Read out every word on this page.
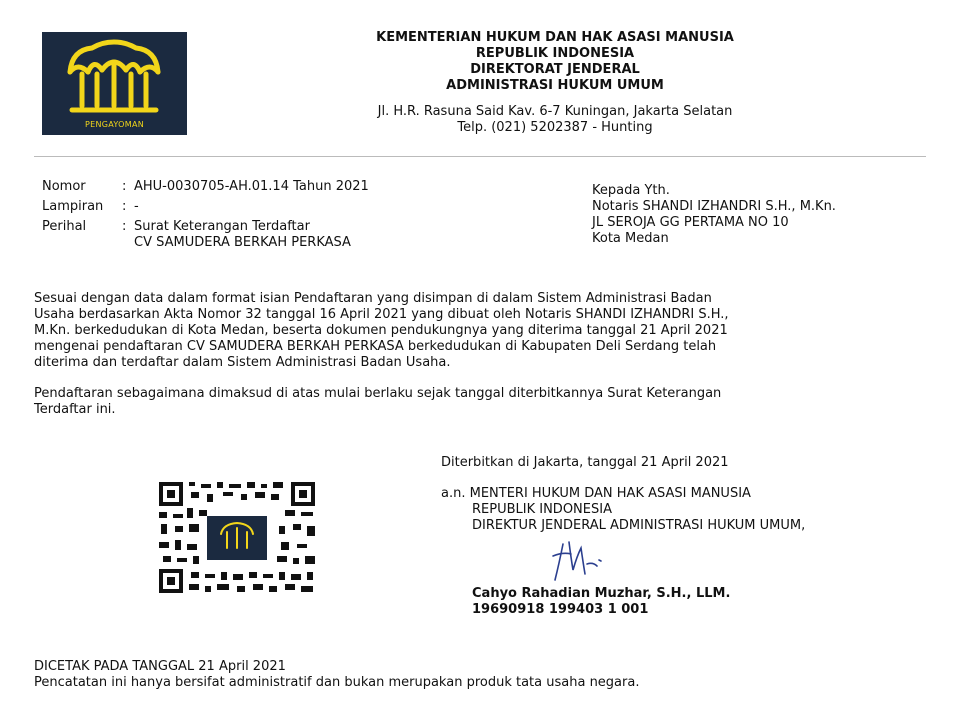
PENGAYOMAN
KEMENTERIAN HUKUM DAN HAK ASASI MANUSIA
REPUBLIK INDONESIA
DIREKTORAT JENDERAL
ADMINISTRASI HUKUM UMUM
Jl. H.R. Rasuna Said Kav. 6-7 Kuningan, Jakarta Selatan
Telp. (021) 5202387 - Hunting
Nomor	: AHU-0030705-AH.01.14 Tahun 2021
Lampiran	: -
Perihal	: Surat Keterangan Terdaftar
CV SAMUDERA BERKAH PERKASA
Kepada Yth.
Notaris SHANDI IZHANDRI S.H., M.Kn.
JL SEROJA GG PERTAMA NO 10
Kota Medan
Sesuai dengan data dalam format isian Pendaftaran yang disimpan di dalam Sistem Administrasi Badan
Usaha berdasarkan Akta Nomor 32 tanggal 16 April 2021 yang dibuat oleh Notaris SHANDI IZHANDRI S.H.,
M.Kn. berkedudukan di Kota Medan, beserta dokumen pendukungnya yang diterima tanggal 21 April 2021
mengenai pendaftaran CV SAMUDERA BERKAH PERKASA berkedudukan di Kabupaten Deli Serdang telah
diterima dan terdaftar dalam Sistem Administrasi Badan Usaha.
Pendaftaran sebagaimana dimaksud di atas mulai berlaku sejak tanggal diterbitkannya Surat Keterangan
Terdaftar ini.
Diterbitkan di Jakarta, tanggal 21 April 2021
a.n. MENTERI HUKUM DAN HAK ASASI MANUSIA
REPUBLIK INDONESIA
DIREKTUR JENDERAL ADMINISTRASI HUKUM UMUM,
Cahyo Rahadian Muzhar, S.H., LLM.
19690918 199403 1 001
DICETAK PADA TANGGAL 21 April 2021
Pencatatan ini hanya bersifat administratif dan bukan merupakan produk tata usaha negara.
